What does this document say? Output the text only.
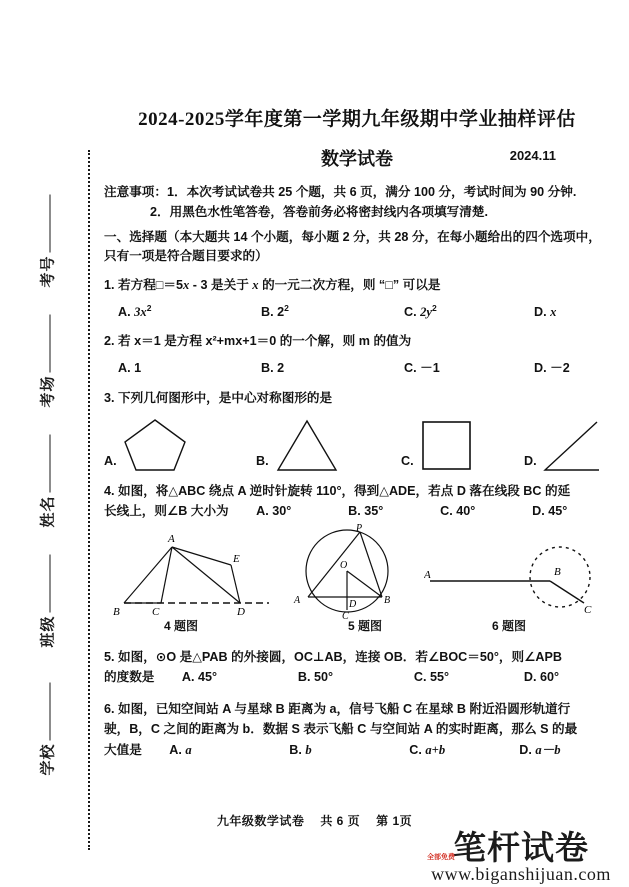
考号
考场
姓名
班级
学校
2024-2025学年度第一学期九年级期中学业抽样评估
数学试卷	2024.11
注意事项：1．本次考试试卷共 25 个题，共 6 页，满分 100 分，考试时间为 90 分钟.
2．用黑色水性笔答卷，答卷前务必将密封线内各项填写清楚.
一、选择题（本大题共 14 个小题，每小题 2 分，共 28 分，在每小题给出的四个选项中，只有一项是符合题目要求的）
1. 若方程□＝5x - 3 是关于 x 的一元二次方程，则 “□” 可以是
A. $3x^2$	B. $2^2$	C. $2y^2$	D. x
2. 若 x＝1 是方程 x²+mx+1＝0 的一个解，则 m 的值为
A. 1	B. 2	C. －1	D. －2
3. 下列几何图形中，是中心对称图形的是
A.	B.	C.	D.
4. 如图，将△ABC 绕点 A 逆时针旋转 110°，得到△ADE，若点 D 落在线段 BC 的延
长线上，则∠B 大小为	A. 30°	B. 35°	C. 40°	D. 45°
A
B	C	D
E
4 题图
P
O
A	B
D
C
5 题图
A	B
C
6 题图
5. 如图，⊙O 是△PAB 的外接圆，OC⊥AB，连接 OB．若∠BOC＝50°，则∠APB
的度数是	A. 45°	B. 50°	C. 55°	D. 60°
6. 如图，已知空间站 A 与星球 B 距离为 a，信号飞船 C 在星球 B 附近沿圆形轨道行
驶，B，C 之间的距离为 b．数据 S 表示飞船 C 与空间站 A 的实时距离，那么 S 的最
大值是	A. a	B. b	C. a+b	D. a－b
九年级数学试卷 共 6 页 第 1页
笔杆试卷
www.biganshijuan.com
全部免费
